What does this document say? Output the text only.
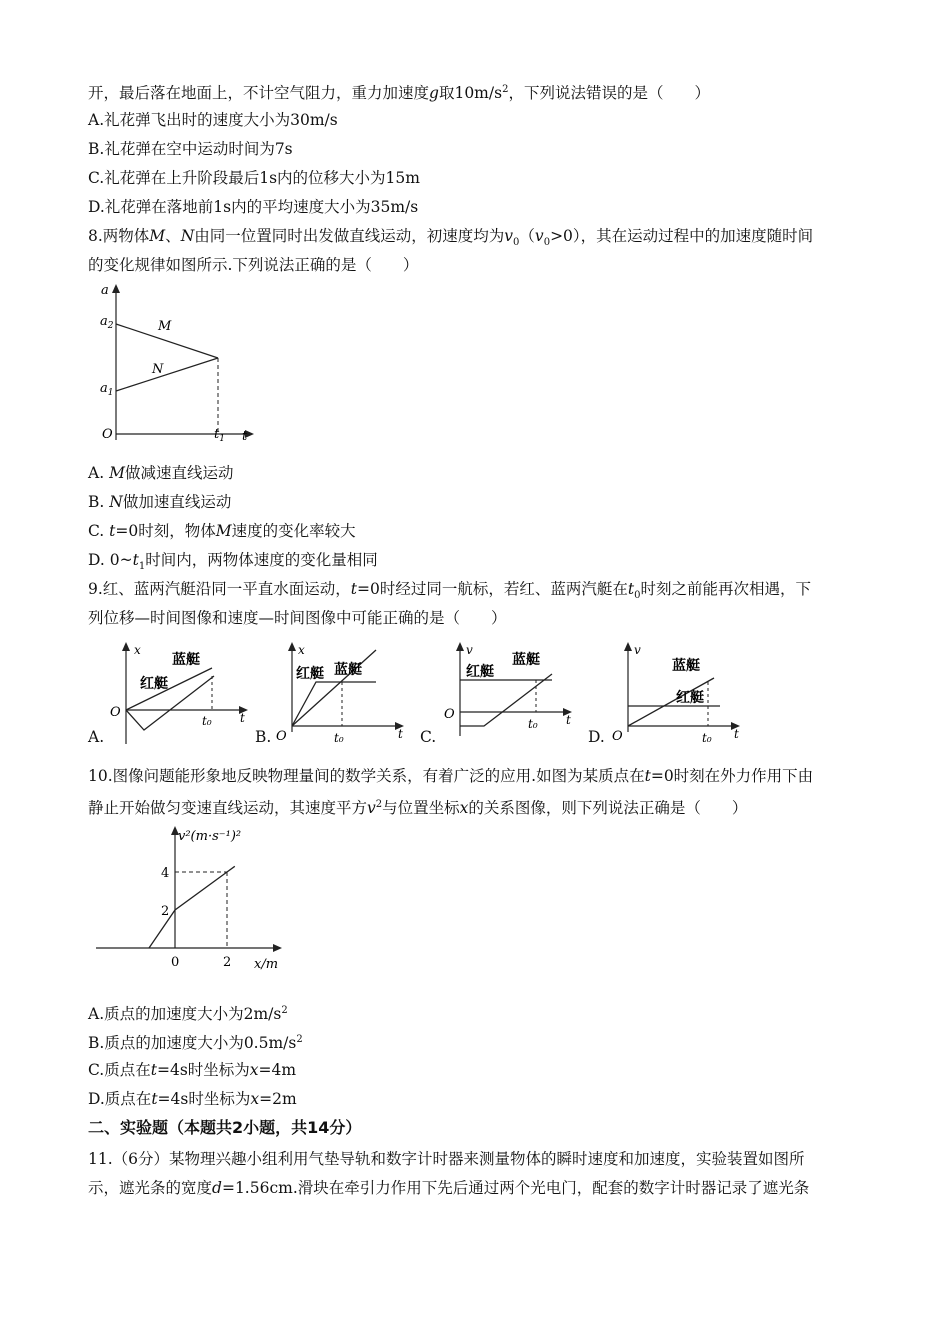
开，最后落在地面上，不计空气阻力，重力加速度g取$10m/s^2$，下列说法错误的是（　　）
A.礼花弹飞出时的速度大小为30m/s
B.礼花弹在空中运动时间为7s
C.礼花弹在上升阶段最后1s内的位移大小为15m
D.礼花弹在落地前1s内的平均速度大小为35m/s
8.两物体M、N由同一位置同时出发做直线运动，初速度均为$v_0(v_0>0)$，其在运动过程中的加速度随时间
的变化规律如图所示.下列说法正确的是（　　）
a
$a_2$
$a_1$
O	$t_1$ t
M
N
A. M做减速直线运动
B. N做加速直线运动
C. t=0时刻，物体M速度的变化率较大
D. $0\sim t_1$时间内，两物体速度的变化量相同
9.红、蓝两汽艇沿同一平直水面运动，t=0时经过同一航标，若红、蓝两汽艇在$t_0$时刻之前能再次相遇，下
列位移—时间图像和速度—时间图像中可能正确的是（　　）
A.
x
O
t₀ t
蓝艇
红艇
B.
x
O	t₀	t
红艇 蓝艇
C.
v
O
t₀ t
红艇
蓝艇
D.
v
O	t₀ t
蓝艇
红艇
10.图像问题能形象地反映物理量间的数学关系，有着广泛的应用.如图为某质点在t=0时刻在外力作用下由
静止开始做匀变速直线运动，其速度平方$v^2$与位置坐标x的关系图像，则下列说法正确是（　　）
0	2
2
4
v²(m·s⁻¹)²
x/m
A.质点的加速度大小为$2m/s^2$
B.质点的加速度大小为$0.5m/s^2$
C.质点在t=4s时坐标为x=4m
D.质点在t=4s时坐标为x=2m
二、实验题（本题共2小题，共14分）
11.（6分）某物理兴趣小组利用气垫导轨和数字计时器来测量物体的瞬时速度和加速度，实验装置如图所
示，遮光条的宽度d=1.56cm.滑块在牵引力作用下先后通过两个光电门，配套的数字计时器记录了遮光条
